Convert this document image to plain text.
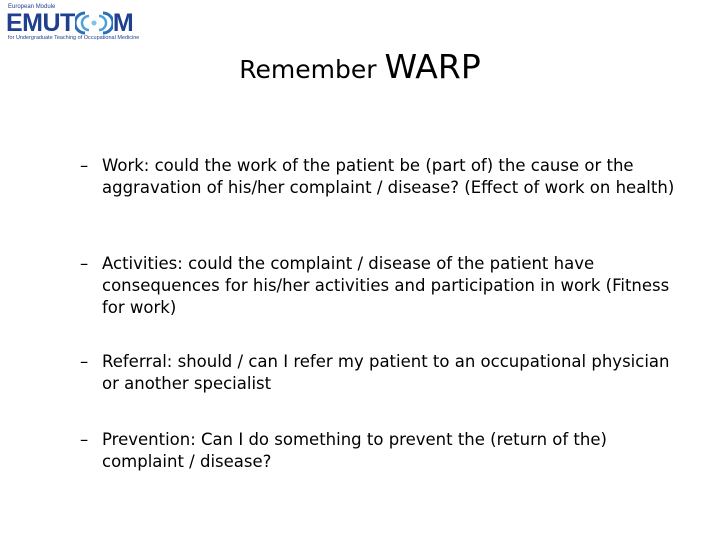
European Module
EMUT M
for Undergraduate Teaching of Occupational Medicine
Remember WARP
– Work: could the work of the patient be (part of) the cause or the aggravation of his/her complaint / disease? (Effect of work on health)
– Activities: could the complaint / disease of the patient have consequences for his/her activities and participation in work (Fitness for work)
– Referral: should / can I refer my patient to an occupational physician or another specialist
– Prevention: Can I do something to prevent the (return of the) complaint / disease?
